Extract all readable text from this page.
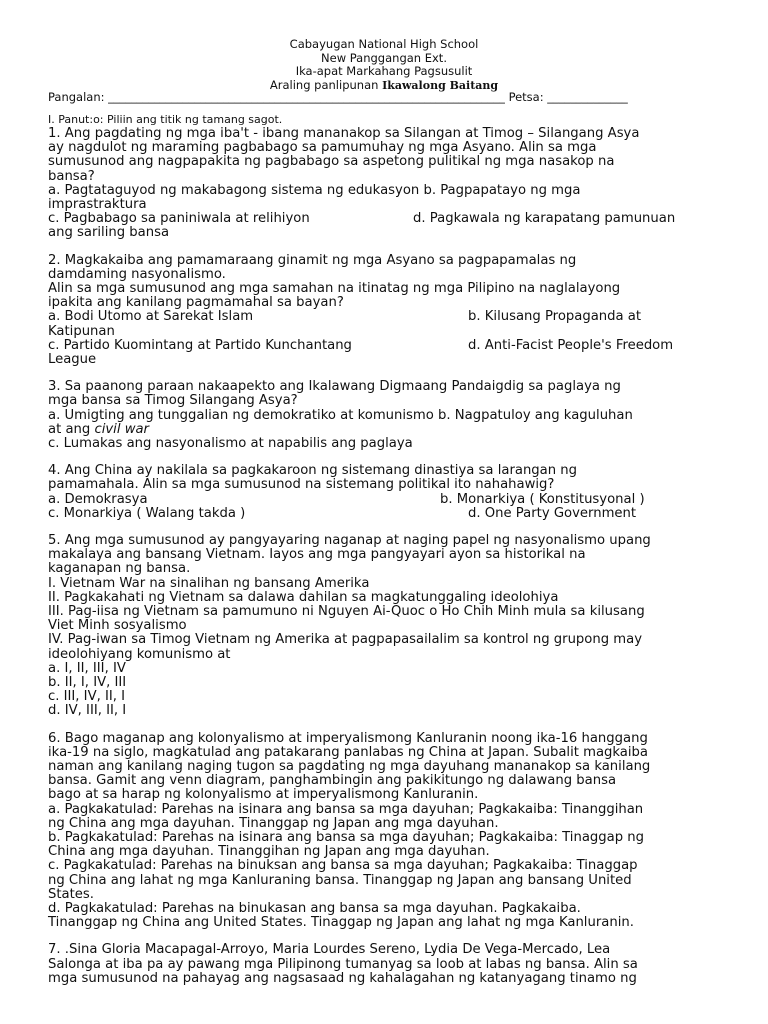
Cabayugan National High School
New Panggangan Ext.
Ika-apat Markahang Pagsusulit
Araling panlipunan Ikawalong Baitang
Pangalan: _____________________________________________________________________ Petsa: ______________
I. Panut:o: Piliin ang titik ng tamang sagot.
1. Ang pagdating ng mga iba't - ibang mananakop sa Silangan at Timog – Silangang Asya
ay nagdulot ng maraming pagbabago sa pamumuhay ng mga Asyano. Alin sa mga
sumusunod ang nagpapakita ng pagbabago sa aspetong pulitikal ng mga nasakop na
bansa?
a. Pagtataguyod ng makabagong sistema ng edukasyon b. Pagpapatayo ng mga
imprastraktura
c. Pagbabago sa paniniwala at relihiyon	d. Pagkawala ng karapatang pamunuan
ang sariling bansa
2. Magkakaiba ang pamamaraang ginamit ng mga Asyano sa pagpapamalas ng
damdaming nasyonalismo.
Alin sa mga sumusunod ang mga samahan na itinatag ng mga Pilipino na naglalayong
ipakita ang kanilang pagmamahal sa bayan?
a. Bodi Utomo at Sarekat Islam	b. Kilusang Propaganda at
Katipunan
c. Partido Kuomintang at Partido Kunchantang	d. Anti-Facist People's Freedom
League
3. Sa paanong paraan nakaapekto ang Ikalawang Digmaang Pandaigdig sa paglaya ng
mga bansa sa Timog Silangang Asya?
a. Umigting ang tunggalian ng demokratiko at komunismo b. Nagpatuloy ang kaguluhan
at ang civil war
c. Lumakas ang nasyonalismo at napabilis ang paglaya
4. Ang China ay nakilala sa pagkakaroon ng sistemang dinastiya sa larangan ng
pamamahala. Alin sa mga sumusunod na sistemang politikal ito nahahawig?
a. Demokrasya	b. Monarkiya ( Konstitusyonal )
c. Monarkiya ( Walang takda )	d. One Party Government
5. Ang mga sumusunod ay pangyayaring naganap at naging papel ng nasyonalismo upang
makalaya ang bansang Vietnam. Iayos ang mga pangyayari ayon sa historikal na
kaganapan ng bansa.
I. Vietnam War na sinalihan ng bansang Amerika
II. Pagkakahati ng Vietnam sa dalawa dahilan sa magkatunggaling ideolohiya
III. Pag-iisa ng Vietnam sa pamumuno ni Nguyen Ai-Quoc o Ho Chih Minh mula sa kilusang
Viet Minh sosyalismo
IV. Pag-iwan sa Timog Vietnam ng Amerika at pagpapasailalim sa kontrol ng grupong may
ideolohiyang komunismo at
a. I, II, III, IV
b. II, I, IV, III
c. III, IV, II, I
d. IV, III, II, I
6. Bago maganap ang kolonyalismo at imperyalismong Kanluranin noong ika-16 hanggang
ika-19 na siglo, magkatulad ang patakarang panlabas ng China at Japan. Subalit magkaiba
naman ang kanilang naging tugon sa pagdating ng mga dayuhang mananakop sa kanilang
bansa. Gamit ang venn diagram, panghambingin ang pakikitungo ng dalawang bansa
bago at sa harap ng kolonyalismo at imperyalismong Kanluranin.
a. Pagkakatulad: Parehas na isinara ang bansa sa mga dayuhan; Pagkakaiba: Tinanggihan
ng China ang mga dayuhan. Tinanggap ng Japan ang mga dayuhan.
b. Pagkakatulad: Parehas na isinara ang bansa sa mga dayuhan; Pagkakaiba: Tinaggap ng
China ang mga dayuhan. Tinanggihan ng Japan ang mga dayuhan.
c. Pagkakatulad: Parehas na binuksan ang bansa sa mga dayuhan; Pagkakaiba: Tinaggap
ng China ang lahat ng mga Kanluraning bansa. Tinanggap ng Japan ang bansang United
States.
d. Pagkakatulad: Parehas na binukasan ang bansa sa mga dayuhan. Pagkakaiba.
Tinanggap ng China ang United States. Tinaggap ng Japan ang lahat ng mga Kanluranin.
7. .Sina Gloria Macapagal-Arroyo, Maria Lourdes Sereno, Lydia De Vega-Mercado, Lea
Salonga at iba pa ay pawang mga Pilipinong tumanyag sa loob at labas ng bansa. Alin sa
mga sumusunod na pahayag ang nagsasaad ng kahalagahan ng katanyagang tinamo ng
